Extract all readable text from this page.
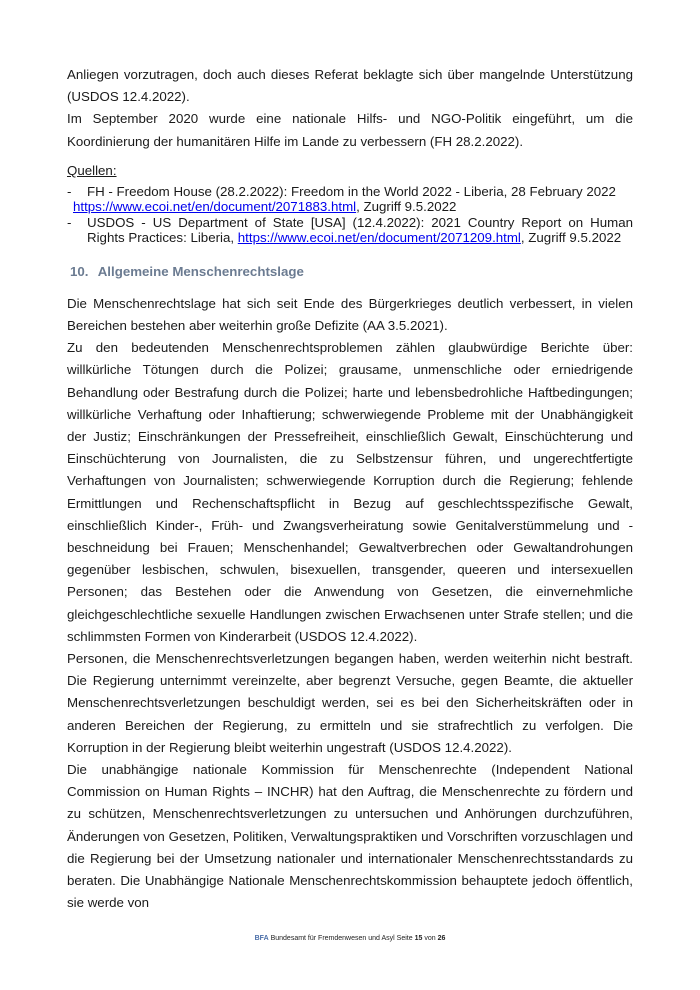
Anliegen vorzutragen, doch auch dieses Referat beklagte sich über mangelnde Unterstützung (USDOS 12.4.2022).

Im September 2020 wurde eine nationale Hilfs- und NGO-Politik eingeführt, um die Koordinierung der humanitären Hilfe im Lande zu verbessern (FH 28.2.2022).

Quellen:
-	FH - Freedom House (28.2.2022): Freedom in the World 2022 - Liberia, 28 February 2022
https://www.ecoi.net/en/document/2071883.html, Zugriff 9.5.2022
-	USDOS - US Department of State [USA] (12.4.2022): 2021 Country Report on Human Rights Practices: Liberia, https://www.ecoi.net/en/document/2071209.html, Zugriff 9.5.2022
10. Allgemeine Menschenrechtslage

Die Menschenrechtslage hat sich seit Ende des Bürgerkrieges deutlich verbessert, in vielen Bereichen bestehen aber weiterhin große Defizite (AA 3.5.2021).

Zu den bedeutenden Menschenrechtsproblemen zählen glaubwürdige Berichte über: willkürliche Tötungen durch die Polizei; grausame, unmenschliche oder erniedrigende Behandlung oder Bestrafung durch die Polizei; harte und lebensbedrohliche Haftbedingungen; willkürliche Verhaftung oder Inhaftierung; schwerwiegende Probleme mit der Unabhängigkeit der Justiz; Einschränkungen der Pressefreiheit, einschließlich Gewalt, Einschüchterung und Einschüchterung von Journalisten, die zu Selbstzensur führen, und ungerechtfertigte Verhaftungen von Journalisten; schwerwiegende Korruption durch die Regierung; fehlende Ermittlungen und Rechenschaftspflicht in Bezug auf geschlechtsspezifische Gewalt, einschließlich Kinder-, Früh- und Zwangsverheiratung sowie Genitalverstümmelung und -beschneidung bei Frauen; Menschenhandel; Gewaltverbrechen oder Gewaltandrohungen gegenüber lesbischen, schwulen, bisexuellen, transgender, queeren und intersexuellen Personen; das Bestehen oder die Anwendung von Gesetzen, die einvernehmliche gleichgeschlechtliche sexuelle Handlungen zwischen Erwachsenen unter Strafe stellen; und die schlimmsten Formen von Kinderarbeit (USDOS 12.4.2022).

Personen, die Menschenrechtsverletzungen begangen haben, werden weiterhin nicht bestraft. Die Regierung unternimmt vereinzelte, aber begrenzt Versuche, gegen Beamte, die aktueller Menschenrechtsverletzungen beschuldigt werden, sei es bei den Sicherheitskräften oder in anderen Bereichen der Regierung, zu ermitteln und sie strafrechtlich zu verfolgen. Die Korruption in der Regierung bleibt weiterhin ungestraft (USDOS 12.4.2022).

Die unabhängige nationale Kommission für Menschenrechte (Independent National Commission on Human Rights – INCHR) hat den Auftrag, die Menschenrechte zu fördern und zu schützen, Menschenrechtsverletzungen zu untersuchen und Anhörungen durchzuführen, Änderungen von Gesetzen, Politiken, Verwaltungspraktiken und Vorschriften vorzuschlagen und die Regierung bei der Umsetzung nationaler und internationaler Menschenrechtsstandards zu beraten. Die Unabhängige Nationale Menschenrechtskommission behauptete jedoch öffentlich, sie werde von

BFA Bundesamt für Fremdenwesen und Asyl Seite 15 von 26
